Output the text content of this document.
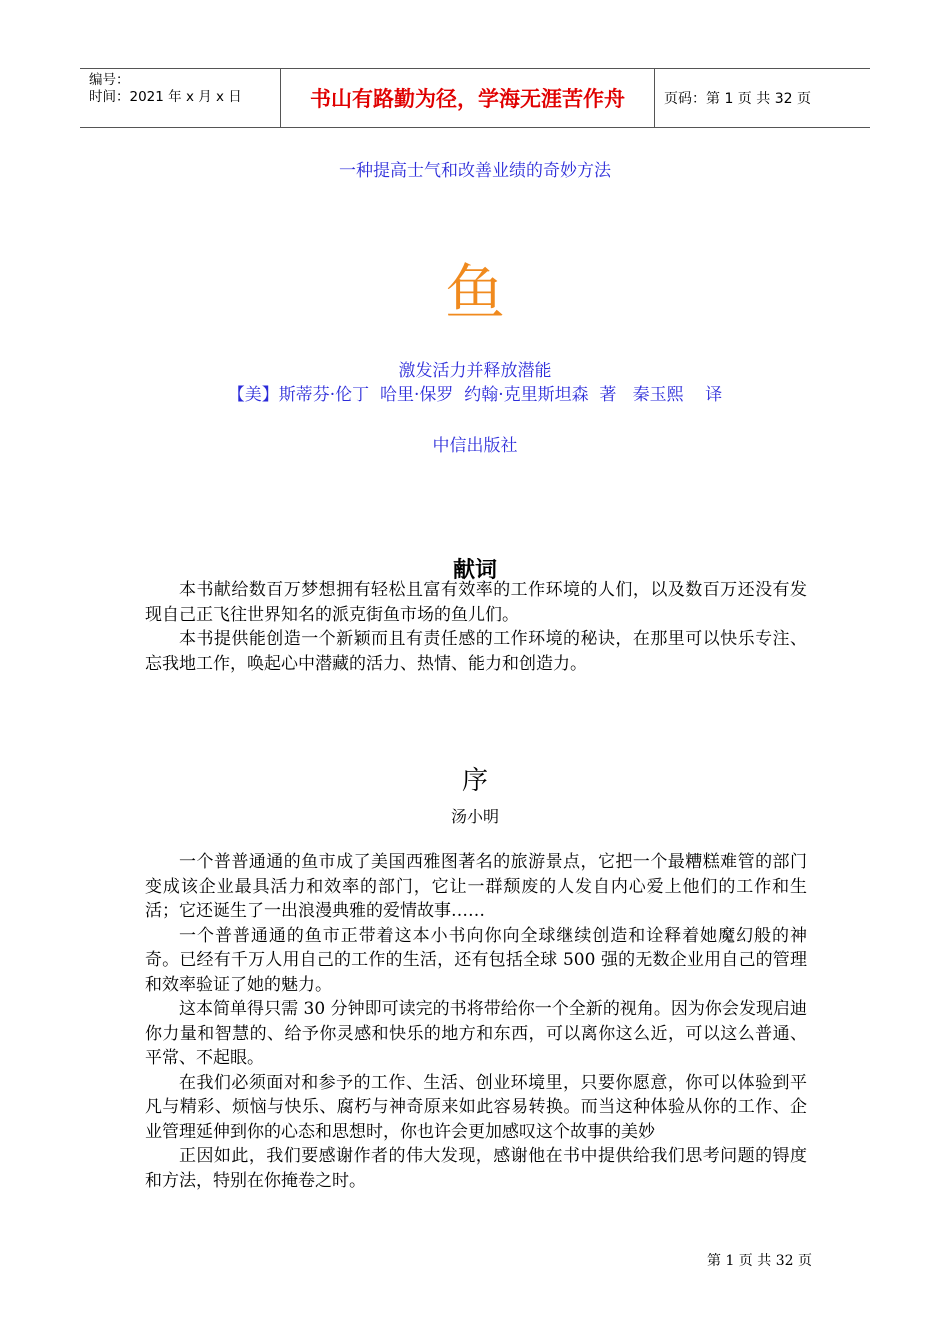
编号：
时间：2021 年 x 月 x 日	书山有路勤为径，学海无涯苦作舟	页码：第 1 页 共 32 页
一种提高士气和改善业绩的奇妙方法
鱼
激发活力并释放潜能
【美】斯蒂芬·伦丁  哈里·保罗  约翰·克里斯坦森  著   秦玉熙    译
中信出版社
献词

本书献给数百万梦想拥有轻松且富有效率的工作环境的人们，以及数百万还没有发现自己正飞往世界知名的派克街鱼市场的鱼儿们。

本书提供能创造一个新颖而且有责任感的工作环境的秘诀，在那里可以快乐专注、忘我地工作，唤起心中潜藏的活力、热情、能力和创造力。

序
汤小明

一个普普通通的鱼市成了美国西雅图著名的旅游景点，它把一个最糟糕难管的部门变成该企业最具活力和效率的部门，它让一群颓废的人发自内心爱上他们的工作和生活；它还诞生了一出浪漫典雅的爱情故事……

一个普普通通的鱼市正带着这本小书向你向全球继续创造和诠释着她魔幻般的神奇。已经有千万人用自己的工作的生活，还有包括全球 500 强的无数企业用自己的管理和效率验证了她的魅力。

这本简单得只需 30 分钟即可读完的书将带给你一个全新的视角。因为你会发现启迪你力量和智慧的、给予你灵感和快乐的地方和东西，可以离你这么近，可以这么普通、平常、不起眼。

在我们必须面对和参予的工作、生活、创业环境里，只要你愿意，你可以体验到平凡与精彩、烦恼与快乐、腐朽与神奇原来如此容易转换。而当这种体验从你的工作、企业管理延伸到你的心态和思想时，你也许会更加感叹这个故事的美妙

正因如此，我们要感谢作者的伟大发现，感谢他在书中提供给我们思考问题的锝度和方法，特别在你掩卷之时。

第 1 页 共 32 页
